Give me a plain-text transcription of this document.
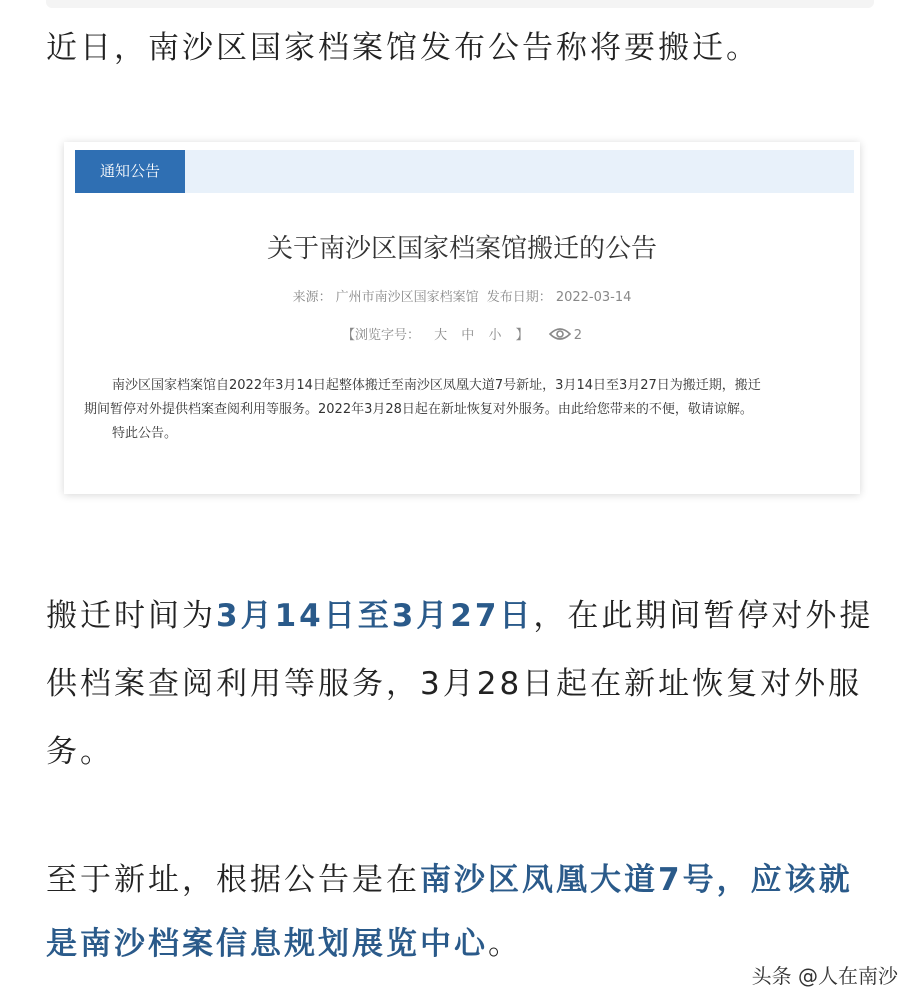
近日，南沙区国家档案馆发布公告称将要搬迁。

通知公告
关于南沙区国家档案馆搬迁的公告
来源： 广州市南沙区国家档案馆 发布日期： 2022-03-14
【浏览字号： 大 中 小 】	2

南沙区国家档案馆自2022年3月14日起整体搬迁至南沙区凤凰大道7号新址，3月14日至3月27日为搬迁期，搬迁

期间暂停对外提供档案查阅利用等服务。2022年3月28日起在新址恢复对外服务。由此给您带来的不便，敬请谅解。

特此公告。

搬迁时间为3月14日至3月27日，在此期间暂停对外提供档案查阅利用等服务，3月28日起在新址恢复对外服务。

至于新址，根据公告是在南沙区凤凰大道7号，应该就是南沙档案信息规划展览中心。

头条 @人在南沙
